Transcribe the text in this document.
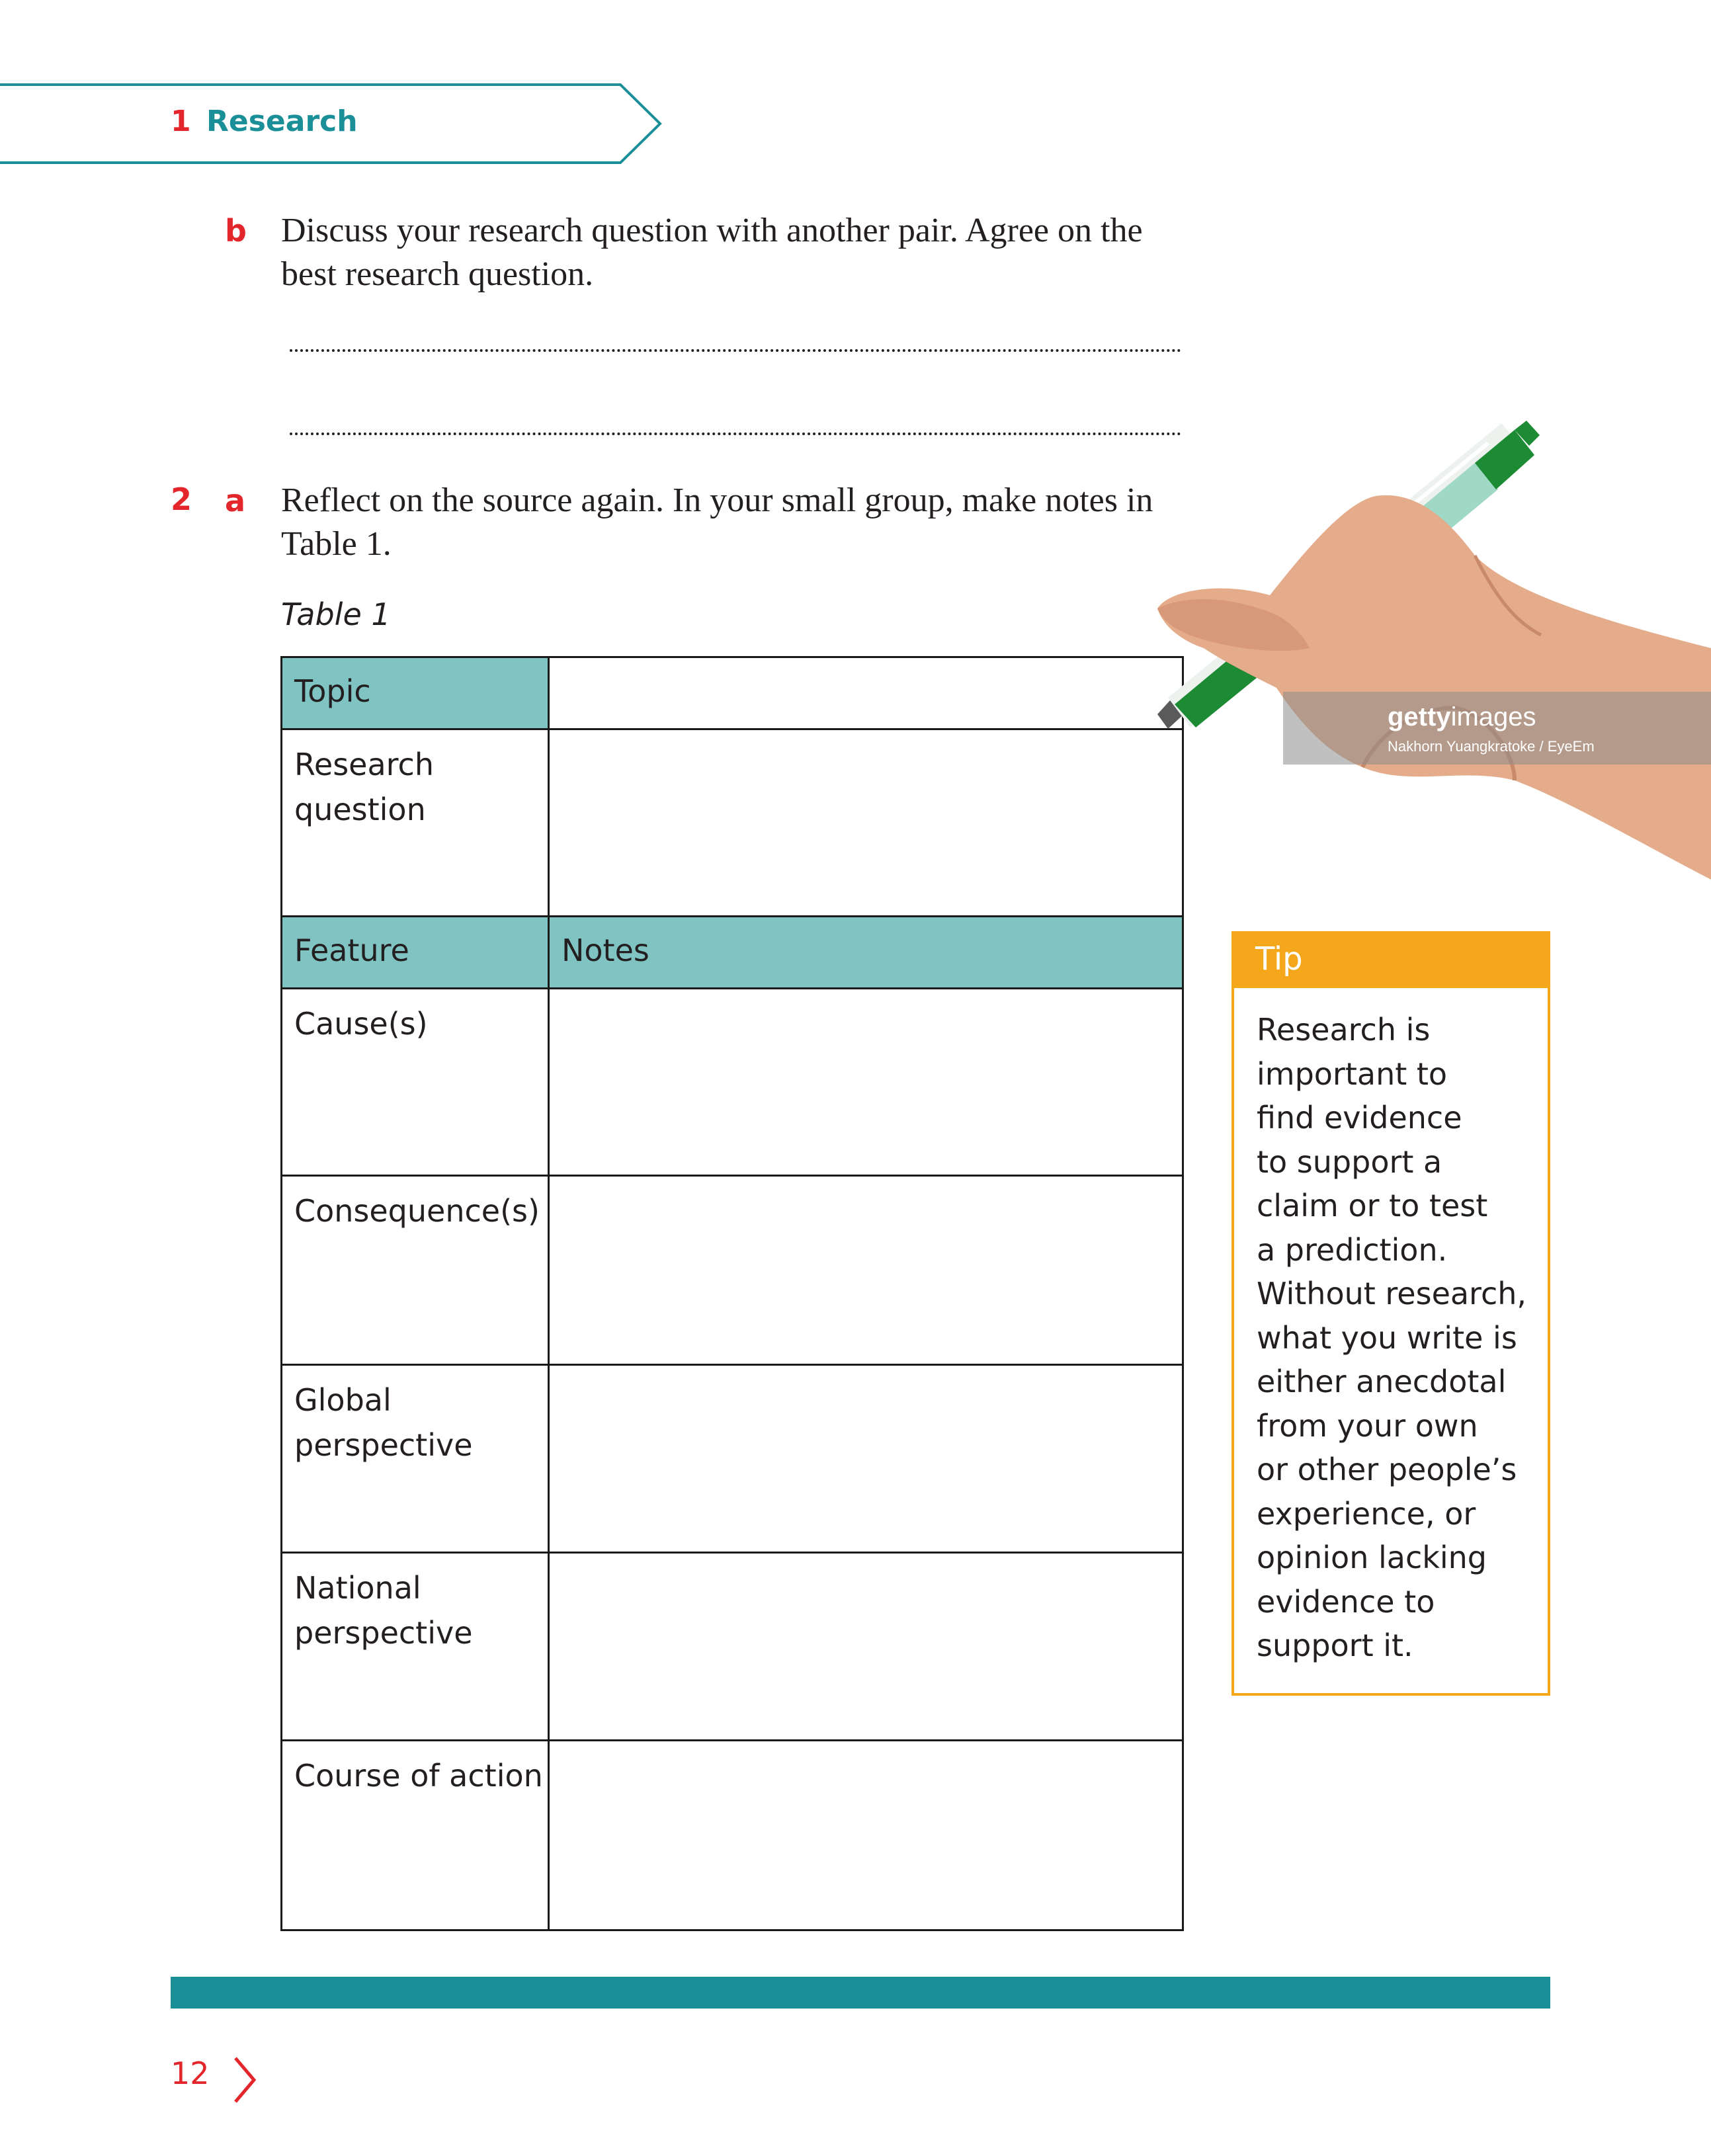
1 Research
b Discuss your research question with another pair. Agree on the
best research question.
2 a Reflect on the source again. In your small group, make notes in
Table 1.
Table 1
Topic
Research
question
Feature	Notes
Cause(s)
Consequence(s)
Global
perspective
National
perspective
Course of action
gettyimages
Nakhorn Yuangkratoke / EyeEm
Tip
Research is
important to
find evidence
to support a
claim or to test
a prediction.
Without research,
what you write is
either anecdotal
from your own
or other people’s
experience, or
opinion lacking
evidence to
support it.
12
